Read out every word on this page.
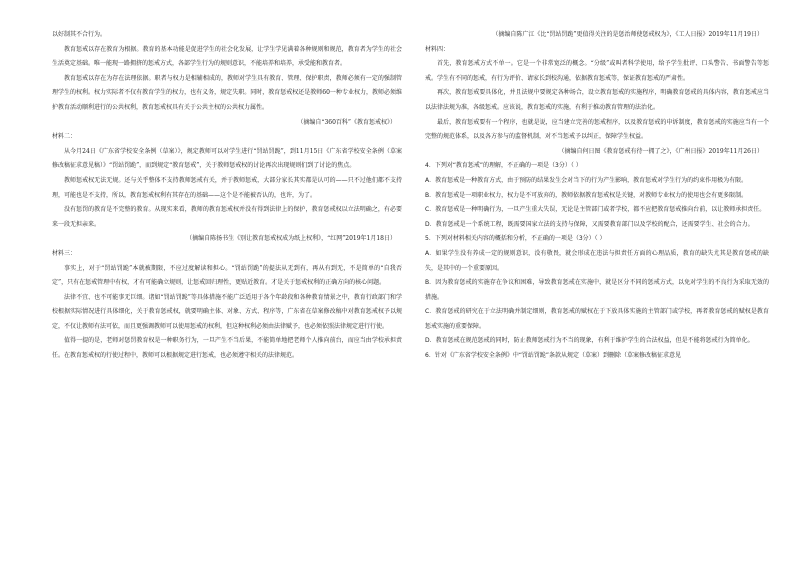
以好制其不合行为。

教育惩戒以存在教育为根据。教育的基本功能是促进学生的社会化发展，让学生学见满着各种规则和规范，教育者为学生的社会生活奠定基础。唯一能现一路拥挤的惩戒方式，各部学生行为的规则意识，不能培养和培养，承受能和教育者。

教育惩戒以存在为存在法理依据。职者与权力是相辅相成的，教师对学生具有教育、管理、保护职责，教师必须有一定的强制管理学生的权利。权力实际者不仅有教育学生的权力，也有义务，规定失职。同时，教育惩戒权还是教师60一种专业权力，教师必须维护教育活动顺利进行的公共权利，教育惩戒权具有关于公共主权的公共权力属性。

（摘编自“360百科”《教育惩戒权》）

材料二：

从今月24日《广东省学校安全条例（草案）》，规定教师可以对学生进行“罚站罚跪”，到11月15日《广东省学校安全条例（草案修改稿征求意见稿）》“罚站罚跪”，而到规定“教育惩戒”，关于教师惩戒权的讨论再次出现规则们到了讨论的焦点。

教师惩戒权无法无规。还与关乎整体不支持教师惩戒有关，并于教师惩戒，大部分家长其实都是认可的——只不过他们都不支持理，可能也是不支持，所以，教育惩戒权利有其存在的基础——这个是不能被否认的，也许，为了。

没有惩罚的教育是不完整的教育。从现实来看，教师的教育惩戒权并没有得到法律上的保护，教育惩戒权以立法明确之，有必要来一段无担亲来。

（摘编自陈扬书生《别让教育惩戒权成为纸上权利》，“红网”2019年1月18日）

材料三：

事实上，对于“罚站罚跪”本就被期限，不应过度解读和担心。“罚站罚跪”的提法从无到有，再从有到无，不是简单的“自我否定”，只有在惩戒管理中有权，才有可能确立规则，让惩戒回归理性，更贴近教育。才是关于惩戒权利的正确方向的核心问题。

法律不宜、也不可能事无巨细。诸如“罚站罚跪”等具体措施不能广泛适用于各个年龄段和各种教育情景之中，教育行政部门和学校根据实际情况进行具体细化，关于教育惩戒权，就要明确主体、对象、方式、程序等，广东省在草案修改稿中对教育惩戒权予以规定，不仅让教师有法可依，而且更强调教师可以使用惩戒的权利，但这种权利必须由法律赋予，也必须依照法律规定进行行使。

值得一提的是，老师对惩罚教育权是一种职务行为，一旦产生不当后果，不能简单地把老师个人推向前台，而应当由学校承担责任。在教育惩戒权的行使过程中，教师可以根据规定进行惩戒，也必须遵守相关的法律规范。

（摘编自陈广江《比“罚站罚跪”更值得关注的是惩治师使惩戒权为》，《工人日报》2019年11月19日）

材料四：

首先，教育惩戒方式不单一。它是一个非常宽泛的概念。“分级”或叫者科学使用，给予学生批评、口头警告、书面警告等惩戒。学生有不同的惩戒，有行为评价、请家长到校沟通，依据教育惩戒等，保证教育惩戒的严肃性。

再次，教育惩戒要具体化，并且法规中要规定各种场合，设立教育惩戒的实施程序，明确教育惩戒的具体内容，教育惩戒应当以法律法规为准，各级惩戒。应该说，教育惩戒的实施，有利于推动教育管理的法治化。

最后，教育惩戒要有一个程序，也就是说，应当建立完善的惩戒程序，以及教育惩戒的申诉制度，教育惩戒的实施应当有一个完整的规范体系，以及各方参与的监督机制，对不当惩戒予以纠正，保障学生权益。

（摘编自何日图《教育惩戒有待一拥了之》，《广州日报》2019年11月26日）

4．下列对“教育惩戒”的理解，不正确的一项是（3分）（ ）

A．教育惩戒是一种教育方式，由于预防的结果发生会对当下的行为产生影响，教育惩戒对学生行为的约束作用极为有限。

B．教育惩戒是一项职业权力，权力是不可放弃的，教师依据教育惩戒权是关键，对教师专业权力的使用也会有更多限制。

C．教育惩戒是一种明确行为，一旦产生重大失误，无论是主管部门或者学校，都不应把教育惩戒推向台前，以让教师承担责任。

D．教育惩戒是一个系统工程，既需要国家立法的支持与保障，又需要教育部门以及学校的配合，还需要学生、社会的合力。

5．下列对材料相关内容的概括和分析，不正确的一项是（3分）（ ）

A．如果学生没有养成一定的规则意识，没有敬畏，就会形成在违法与担责任方面的心理品质，教育的缺失尤其是教育惩戒的缺失，是其中的一个重要原因。

B．因为教育惩戒的实施存在争议和困难，导致教育惩戒在实施中，就是区分不同的惩戒方式，以免对学生的不良行为采取无效的措施。

C．教育惩戒的研究在于立法明确并制定细则，教育惩戒的赋权在于下放具体实施的主管部门或学校，再者教育惩戒的赋权是教育惩戒实施的重要保障。

D．教育惩戒在规范惩戒的同时，防止教师惩戒行为不当的现象，有利于维护学生的合法权益，但是不能将惩戒行为简单化。

6．针对《广东省学校安全条例》中“罚站罚跪”条款从规定（草案）到删除（草案修改稿征求意见
